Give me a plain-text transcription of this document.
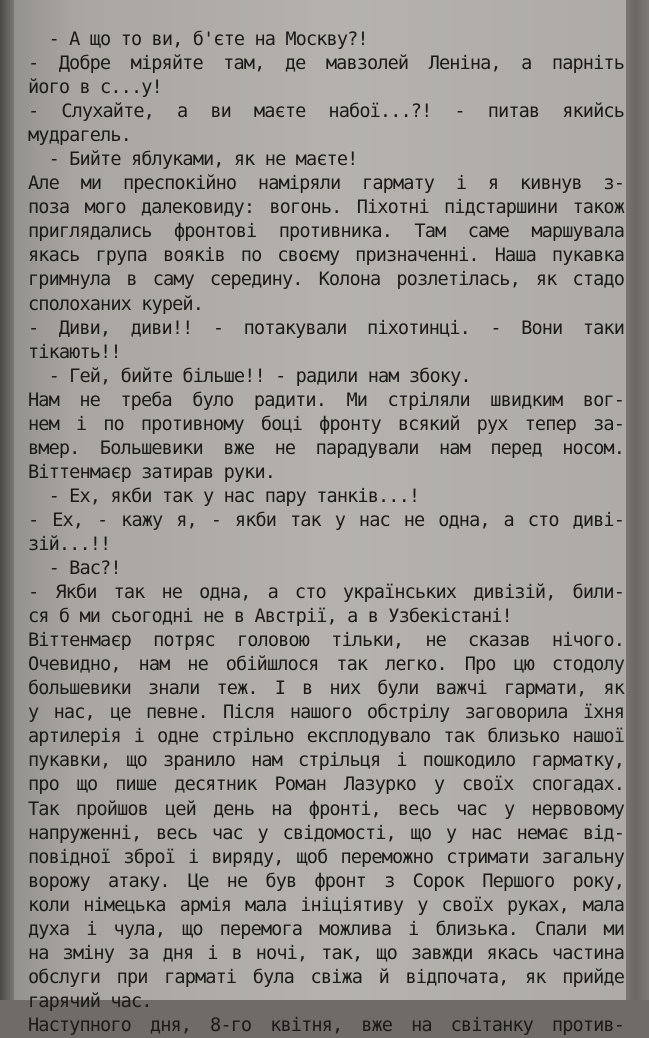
- А що то ви, б'єте на Москву?!
- Добре міряйте там, де мавзолей Леніна, а парніть
його в с...у!
- Слухайте, а ви маєте набої...?! - питав якийсь
мудрагель.
- Бийте яблуками, як не маєте!
Але ми преспокійно наміряли гармату і я кивнув з-
поза мого далековиду: вогонь. Піхотні підстаршини також
приглядались фронтові противника. Там саме маршувала
якась група вояків по своєму призначенні. Наша пукавка
гримнула в саму середину. Колона розлетілась, як стадо
сполоханих курей.
- Диви, диви!! - потакували піхотинці. - Вони таки
тікають!!
- Гей, бийте більше!! - радили нам збоку.
Нам не треба було радити. Ми стріляли швидким вог-
нем і по противному боці фронту всякий рух тепер за-
вмер. Большевики вже не парадували нам перед носом.
Віттенмаєр затирав руки.
- Ех, якби так у нас пару танків...!
- Ех, - кажу я, - якби так у нас не одна, а сто диві-
зій...!!
- Вас?!
- Якби так не одна, а сто українських дивізій, били-
ся б ми сьогодні не в Австрії, а в Узбекістані!
Віттенмаєр потряс головою тільки, не сказав нічого.
Очевидно, нам не обійшлося так легко. Про цю стодолу
большевики знали теж. І в них були важчі гармати, як
у нас, це певне. Після нашого обстрілу заговорила їхня
артилерія і одне стрільно експлодувало так близько нашої
пукавки, що зранило нам стрільця і пошкодило гарматку,
про що пише десятник Роман Лазурко у своїх спогадах.
Так пройшов цей день на фронті, весь час у нервовому
напруженні, весь час у свідомості, що у нас немає від-
повідної зброї і виряду, щоб переможно стримати загальну
ворожу атаку. Це не був фронт з Сорок Першого року,
коли німецька армія мала ініціятиву у своїх руках, мала
духа і чула, що перемога можлива і близька. Спали ми
на зміну за дня і в ночі, так, що завжди якась частина
обслуги при гарматі була свіжа й відпочата, як прийде
гарячий час.
Наступного дня, 8-го квітня, вже на світанку против-
